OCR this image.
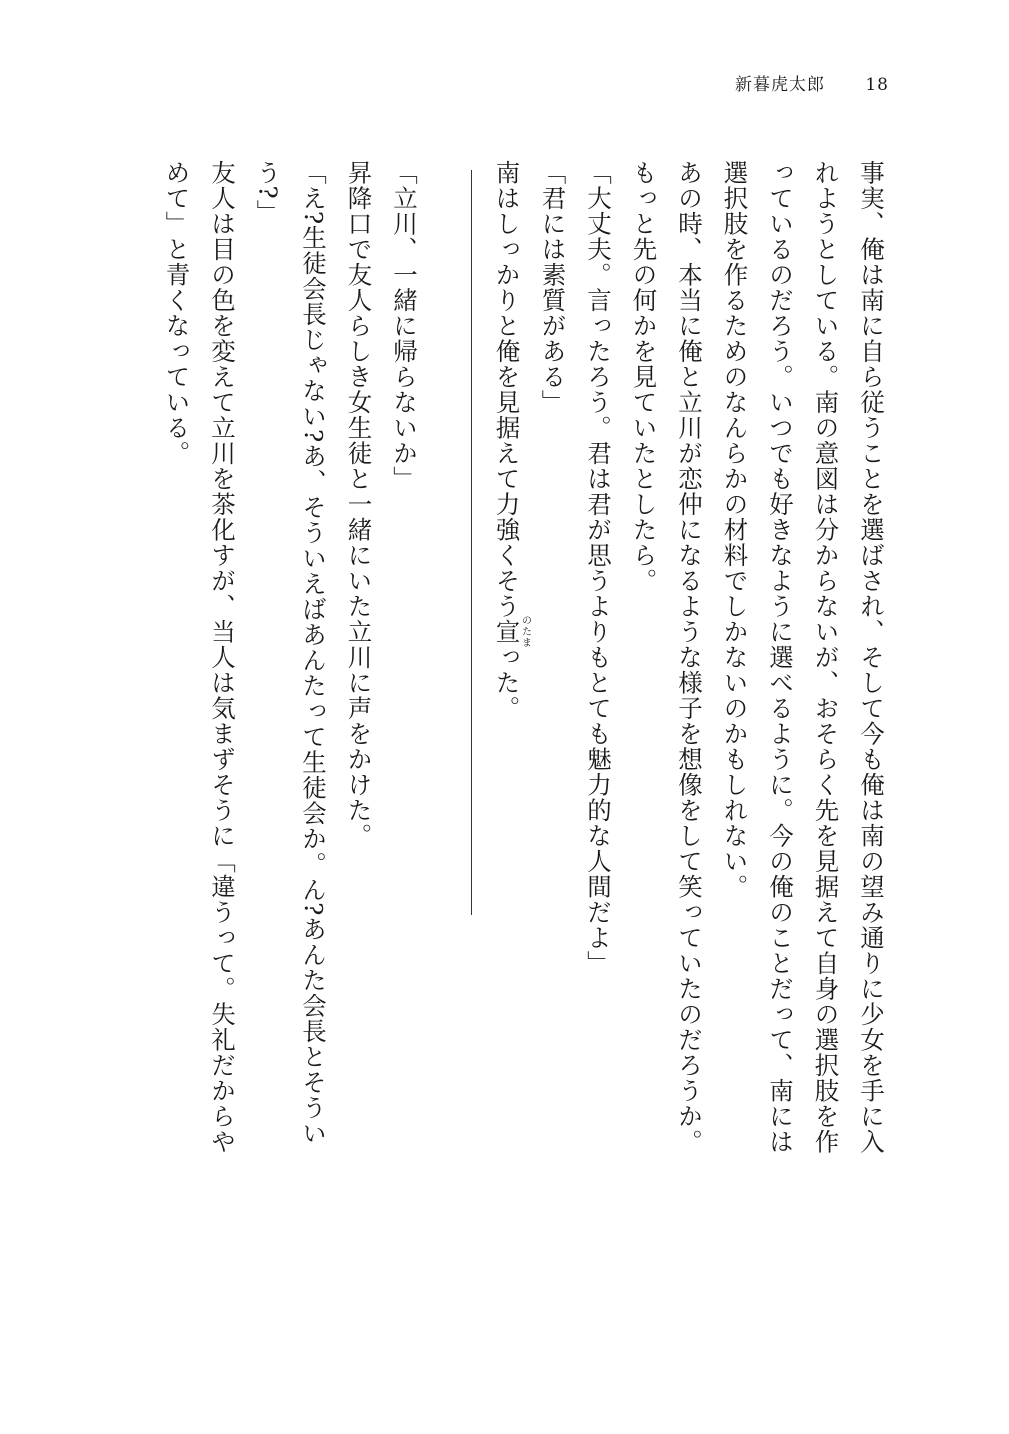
新暮虎太郎 18

事実、俺は南に自ら従うことを選ばされ、そして今も俺は南の望み通りに少女を手に入れようとしている。南の意図は分からないが、おそらく先を見据えて自身の選択肢を作っているのだろう。いつでも好きなように選べるように。今の俺のことだって、南には選択肢を作るためのなんらかの材料でしかないのかもしれない。

あの時、本当に俺と立川が恋仲になるような様子を想像をして笑っていたのだろうか。もっと先の何かを見ていたとしたら。

「大丈夫。言ったろう。君は君が思うよりもとても魅力的な人間だよ」

「君には素質がある」

南はしっかりと俺を見据えて力強くそう宣のたまった。

「立川、一緒に帰らないか」

昇降口で友人らしき女生徒と一緒にいた立川に声をかけた。

「え?生徒会長じゃない?あ、そういえばあんたって生徒会か。ん?あんた会長とそういう?」

友人は目の色を変えて立川を茶化すが、当人は気まずそうに「違うって。失礼だからやめて」と青くなっている。
